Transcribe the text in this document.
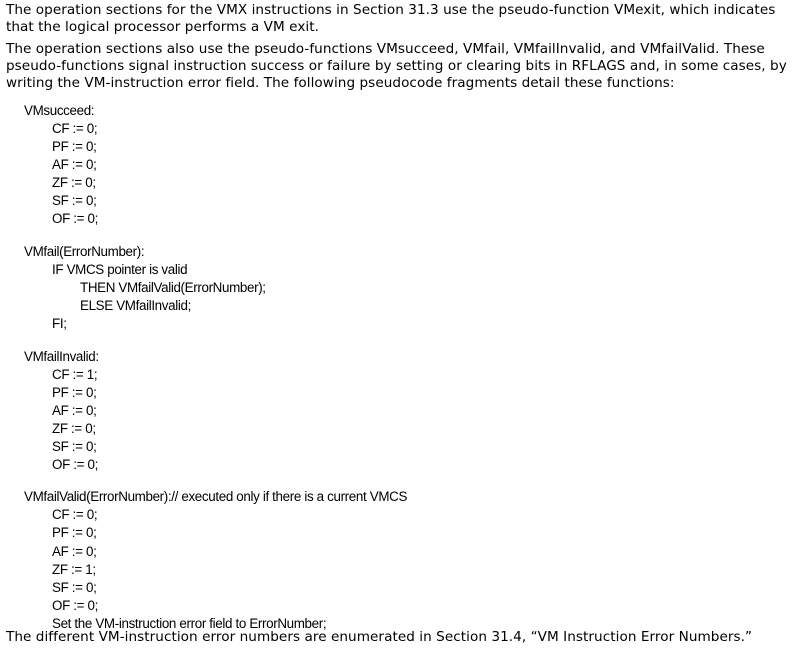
The operation sections for the VMX instructions in Section 31.3 use the pseudo-function VMexit, which indicates that the logical processor performs a VM exit.

The operation sections also use the pseudo-functions VMsucceed, VMfail, VMfailInvalid, and VMfailValid. These pseudo-functions signal instruction success or failure by setting or clearing bits in RFLAGS and, in some cases, by writing the VM-instruction error field. The following pseudocode fragments detail these functions:

VMsucceed:
CF := 0;
PF := 0;
AF := 0;
ZF := 0;
SF := 0;
OF := 0;
VMfail(ErrorNumber):
IF VMCS pointer is valid
THEN VMfailValid(ErrorNumber);
ELSE VMfailInvalid;
FI;
VMfailInvalid:
CF := 1;
PF := 0;
AF := 0;
ZF := 0;
SF := 0;
OF := 0;
VMfailValid(ErrorNumber):// executed only if there is a current VMCS
CF := 0;
PF := 0;
AF := 0;
ZF := 1;
SF := 0;
OF := 0;
Set the VM-instruction error field to ErrorNumber;

The different VM-instruction error numbers are enumerated in Section 31.4, “VM Instruction Error Numbers.”
